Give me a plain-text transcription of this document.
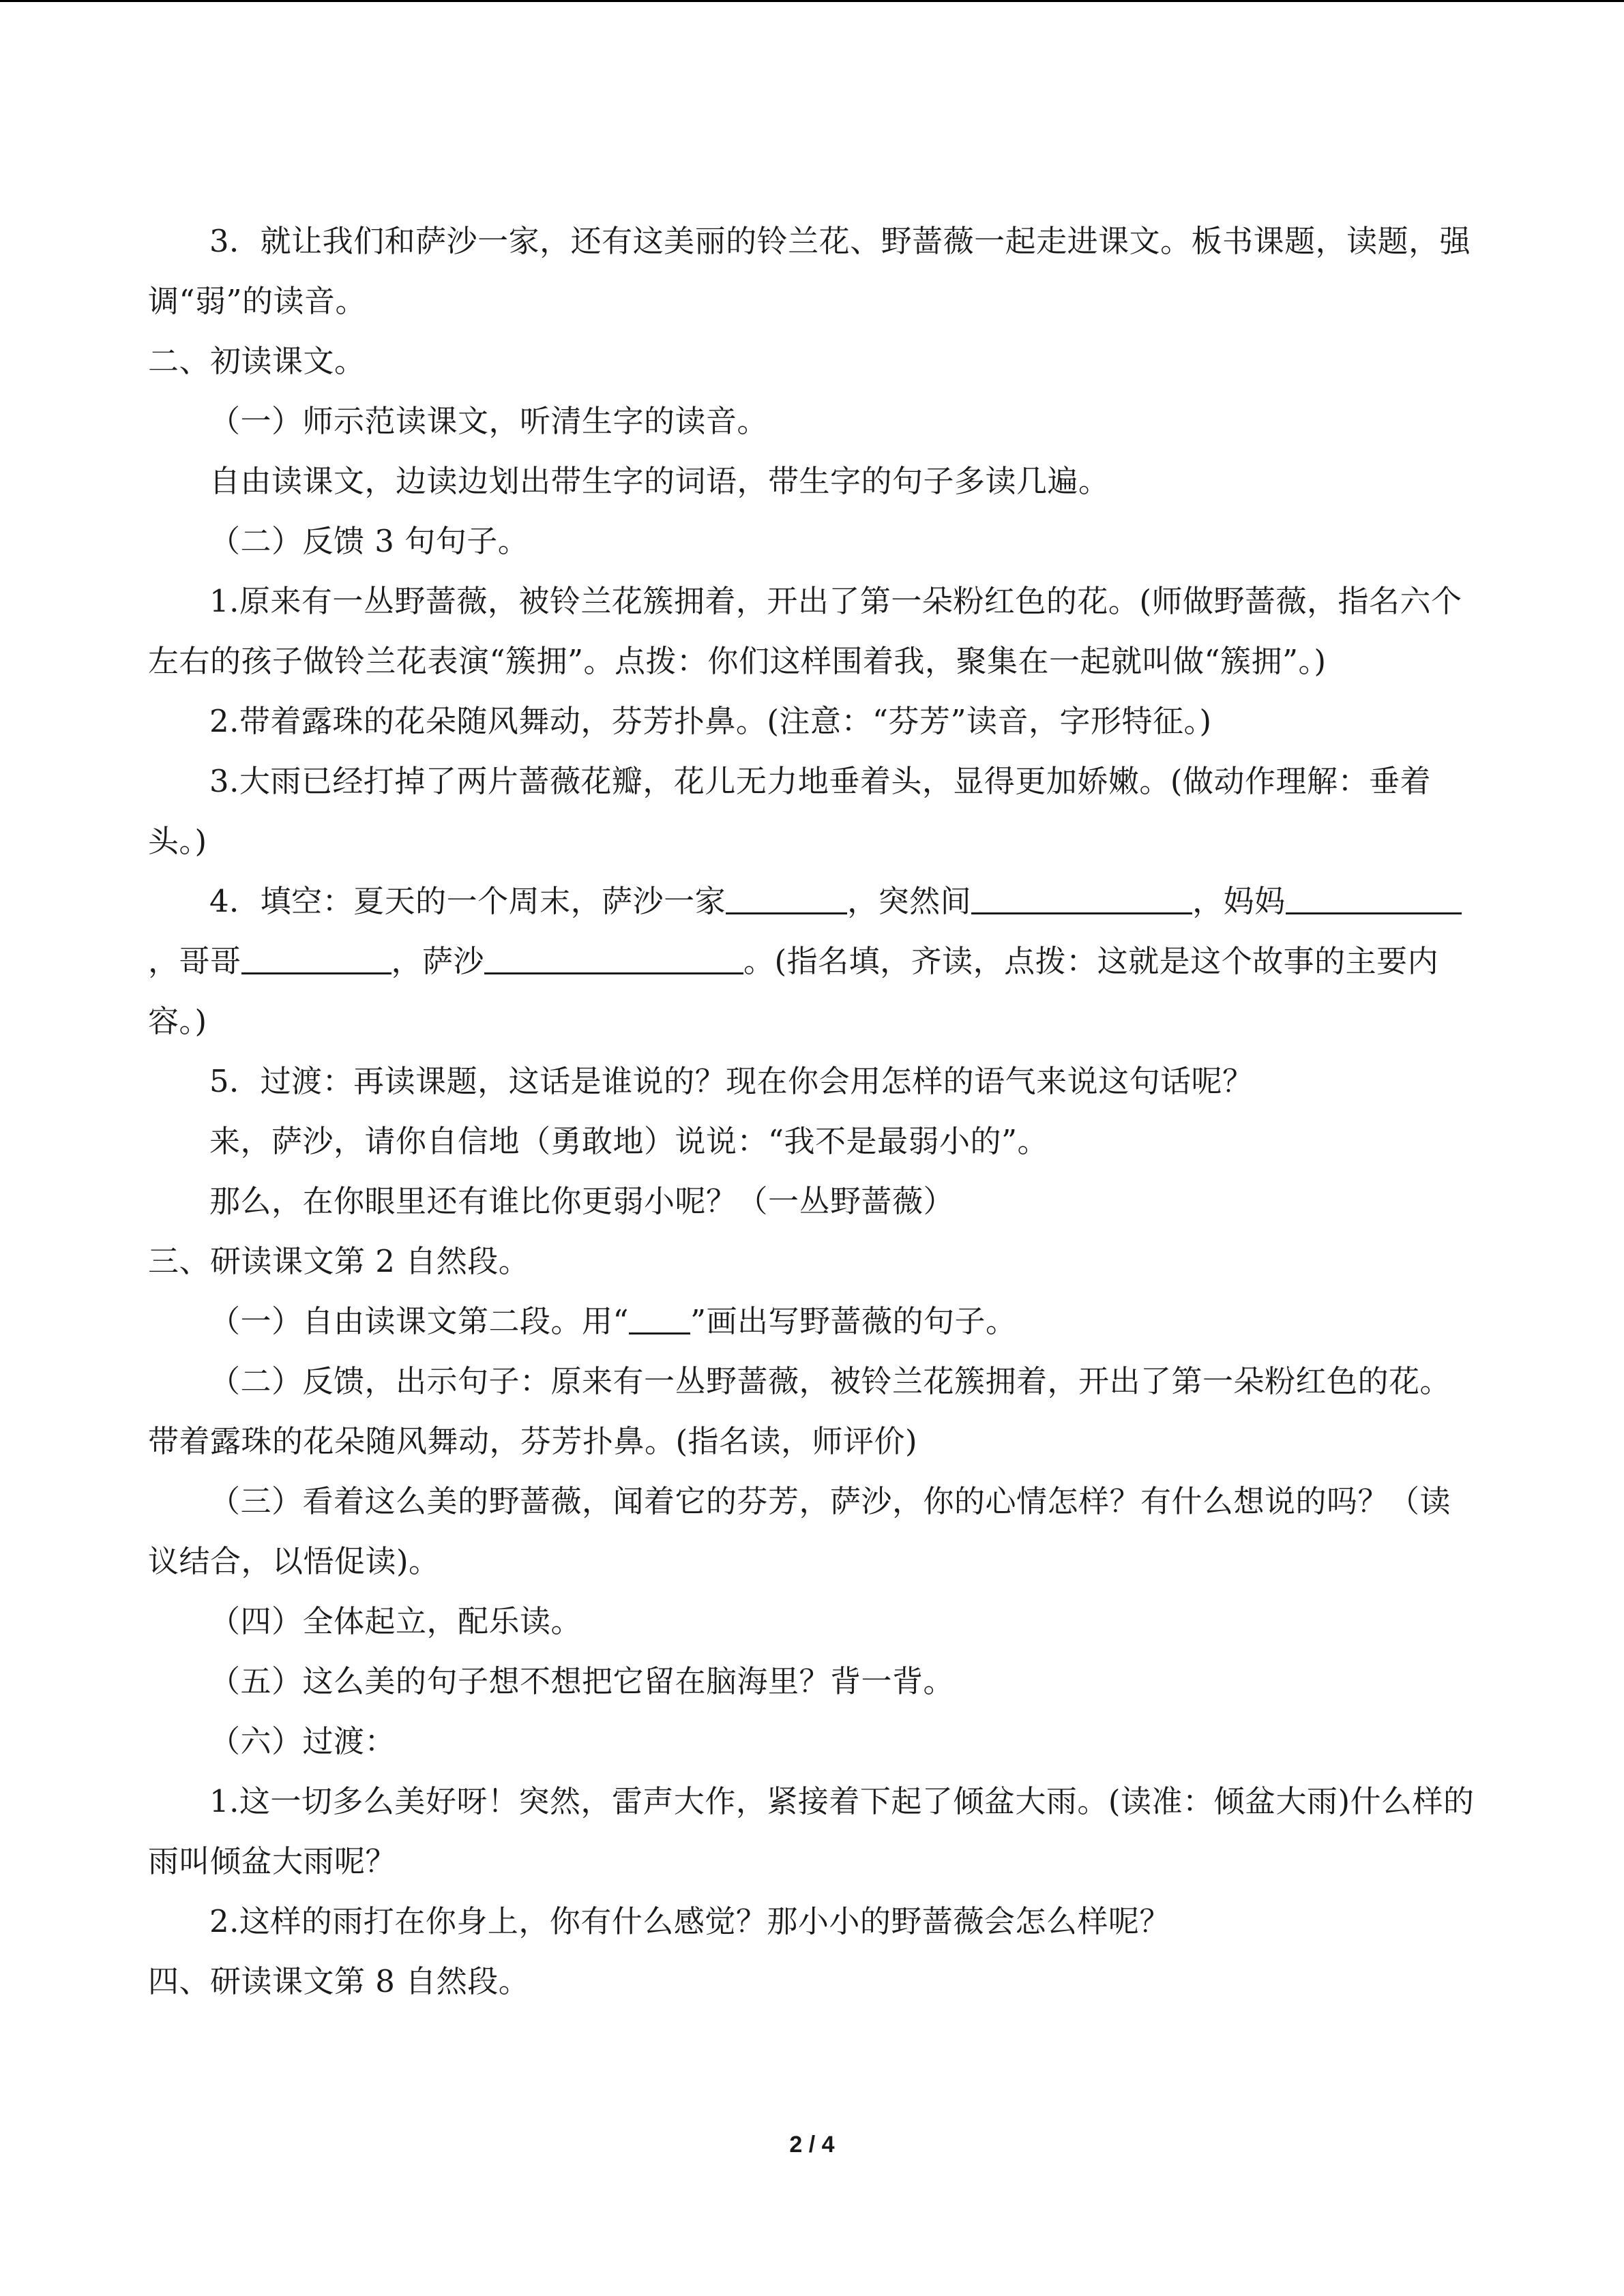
3．就让我们和萨沙一家，还有这美丽的铃兰花、野蔷薇一起走进课文。板书课题，读题，强调“弱”的读音。

二、初读课文。

（一）师示范读课文，听清生字的读音。

自由读课文，边读边划出带生字的词语，带生字的句子多读几遍。

（二）反馈 3 句句子。

1.原来有一丛野蔷薇，被铃兰花簇拥着，开出了第一朵粉红色的花。(师做野蔷薇，指名六个左右的孩子做铃兰花表演“簇拥”。点拨：你们这样围着我，聚集在一起就叫做“簇拥”。)

2.带着露珠的花朵随风舞动，芬芳扑鼻。(注意：“芬芳”读音，字形特征。)

3.大雨已经打掉了两片蔷薇花瓣，花儿无力地垂着头，显得更加娇嫩。(做动作理解：垂着头。)

4．填空：夏天的一个周末，萨沙一家	，突然间	，妈妈，哥哥	，萨沙	。(指名填，齐读，点拨：这就是这个故事的主要内容。)

5．过渡：再读课题，这话是谁说的？现在你会用怎样的语气来说这句话呢？

来，萨沙，请你自信地（勇敢地）说说：“我不是最弱小的”。

那么，在你眼里还有谁比你更弱小呢？（一丛野蔷薇）

三、研读课文第 2 自然段。

（一）自由读课文第二段。用“ ”画出写野蔷薇的句子。

（二）反馈，出示句子：原来有一丛野蔷薇，被铃兰花簇拥着，开出了第一朵粉红色的花。带着露珠的花朵随风舞动，芬芳扑鼻。(指名读，师评价)

（三）看着这么美的野蔷薇，闻着它的芬芳，萨沙，你的心情怎样？有什么想说的吗？（读议结合，以悟促读)。

（四）全体起立，配乐读。

（五）这么美的句子想不想把它留在脑海里？背一背。

（六）过渡：

1.这一切多么美好呀！突然，雷声大作，紧接着下起了倾盆大雨。(读准：倾盆大雨)什么样的雨叫倾盆大雨呢？

2.这样的雨打在你身上，你有什么感觉？那小小的野蔷薇会怎么样呢？

四、研读课文第 8 自然段。

2 / 4
